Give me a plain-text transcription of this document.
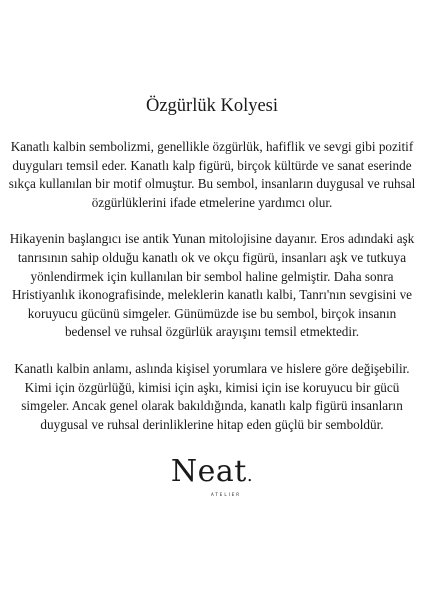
Özgürlük Kolyesi

Kanatlı kalbin sembolizmi, genellikle özgürlük, hafiflik ve sevgi gibi pozitif duyguları temsil eder. Kanatlı kalp figürü, birçok kültürde ve sanat eserinde sıkça kullanılan bir motif olmuştur. Bu sembol, insanların duygusal ve ruhsal özgürlüklerini ifade etmelerine yardımcı olur.

Hikayenin başlangıcı ise antik Yunan mitolojisine dayanır. Eros adındaki aşk tanrısının sahip olduğu kanatlı ok ve okçu figürü, insanları aşk ve tutkuya yönlendirmek için kullanılan bir sembol haline gelmiştir. Daha sonra Hristiyanlık ikonografisinde, meleklerin kanatlı kalbi, Tanrı'nın sevgisini ve koruyucu gücünü simgeler. Günümüzde ise bu sembol, birçok insanın bedensel ve ruhsal özgürlük arayışını temsil etmektedir.

Kanatlı kalbin anlamı, aslında kişisel yorumlara ve hislere göre değişebilir. Kimi için özgürlüğü, kimisi için aşkı, kimisi için ise koruyucu bir gücü simgeler. Ancak genel olarak bakıldığında, kanatlı kalp figürü insanların duygusal ve ruhsal derinliklerine hitap eden güçlü bir semboldür.

Neat.
ATELIER
